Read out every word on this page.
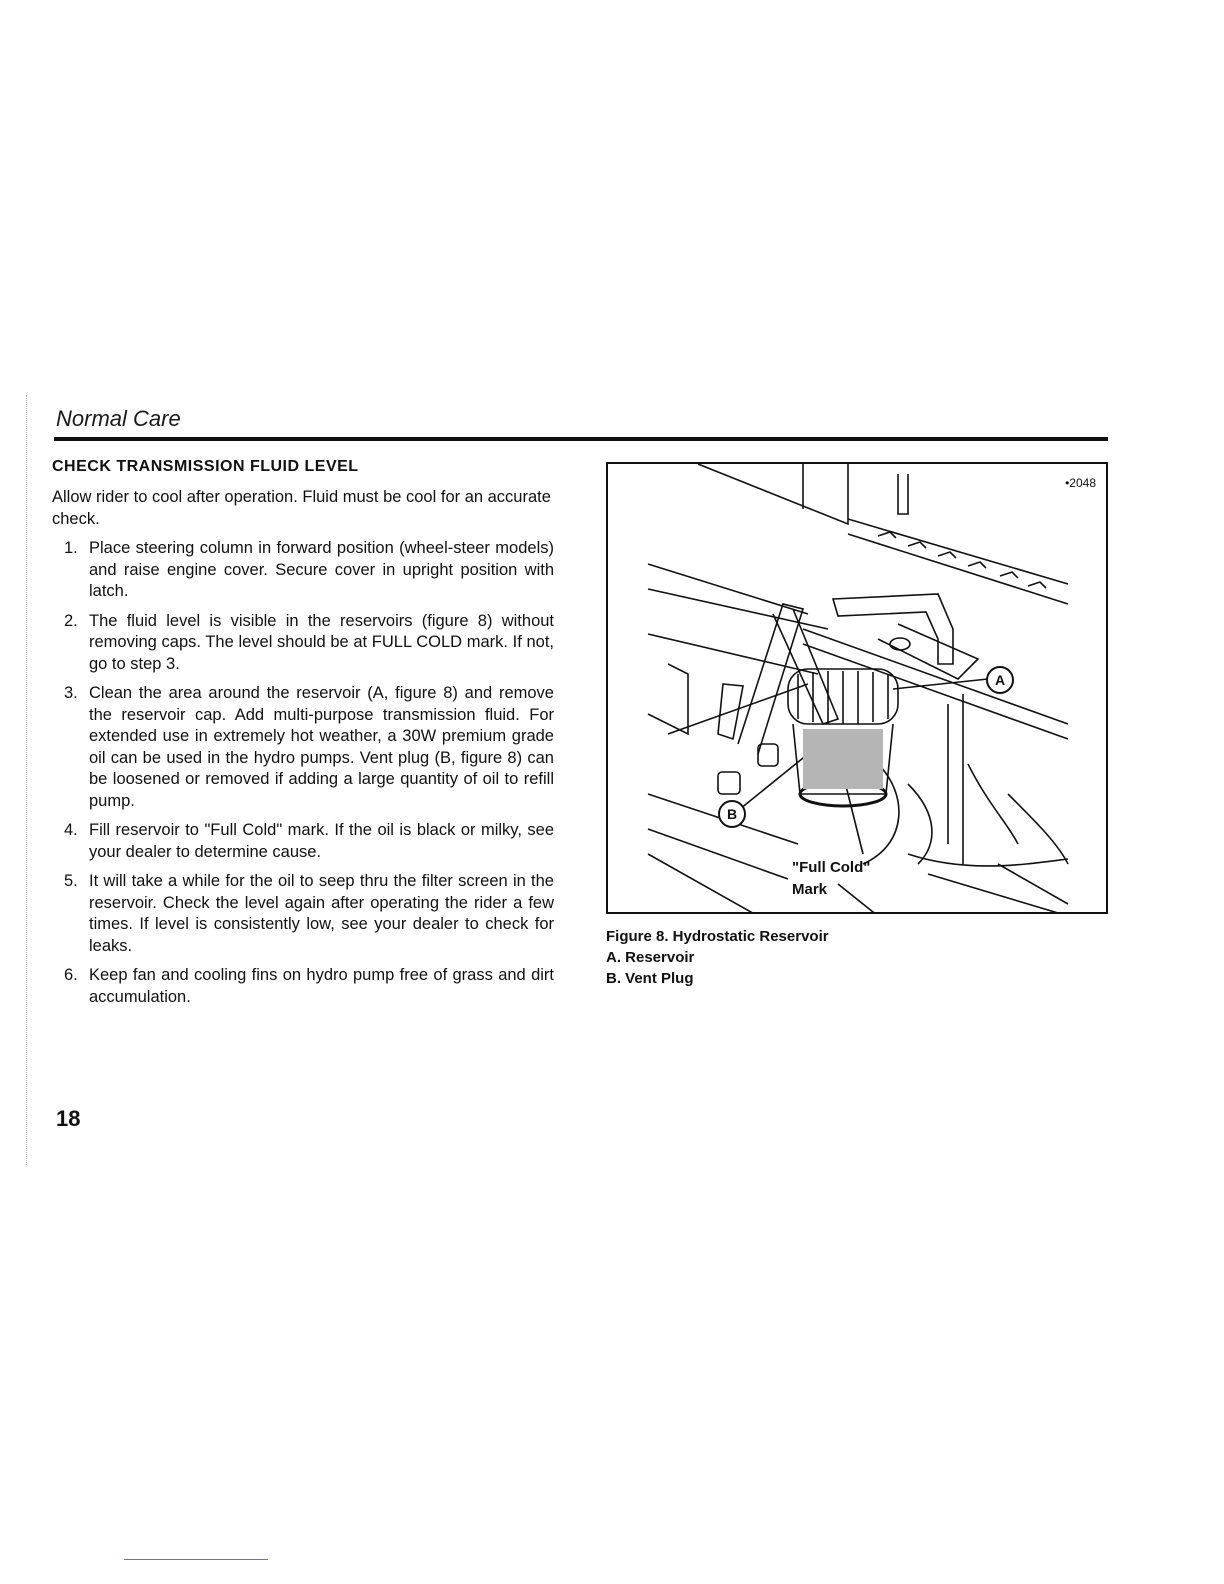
Normal Care
CHECK TRANSMISSION FLUID LEVEL

Allow rider to cool after operation. Fluid must be cool for an accurate check.

1. Place steering column in forward position (wheel-steer models) and raise engine cover. Secure cover in upright position with latch.
2. The fluid level is visible in the reservoirs (figure 8) without removing caps. The level should be at FULL COLD mark. If not, go to step 3.
3. Clean the area around the reservoir (A, figure 8) and remove the reservoir cap. Add multi-purpose transmission fluid. For extended use in extremely hot weather, a 30W premium grade oil can be used in the hydro pumps. Vent plug (B, figure 8) can be loosened or removed if adding a large quantity of oil to refill pump.
4. Fill reservoir to "Full Cold" mark. If the oil is black or milky, see your dealer to determine cause.
5. It will take a while for the oil to seep thru the filter screen in the reservoir. Check the level again after operating the rider a few times. If level is consistently low, see your dealer to check for leaks.
6. Keep fan and cooling fins on hydro pump free of grass and dirt accumulation.
•2048
A
B
"Full Cold"
Mark
Figure 8. Hydrostatic Reservoir
A. Reservoir
B. Vent Plug
18
